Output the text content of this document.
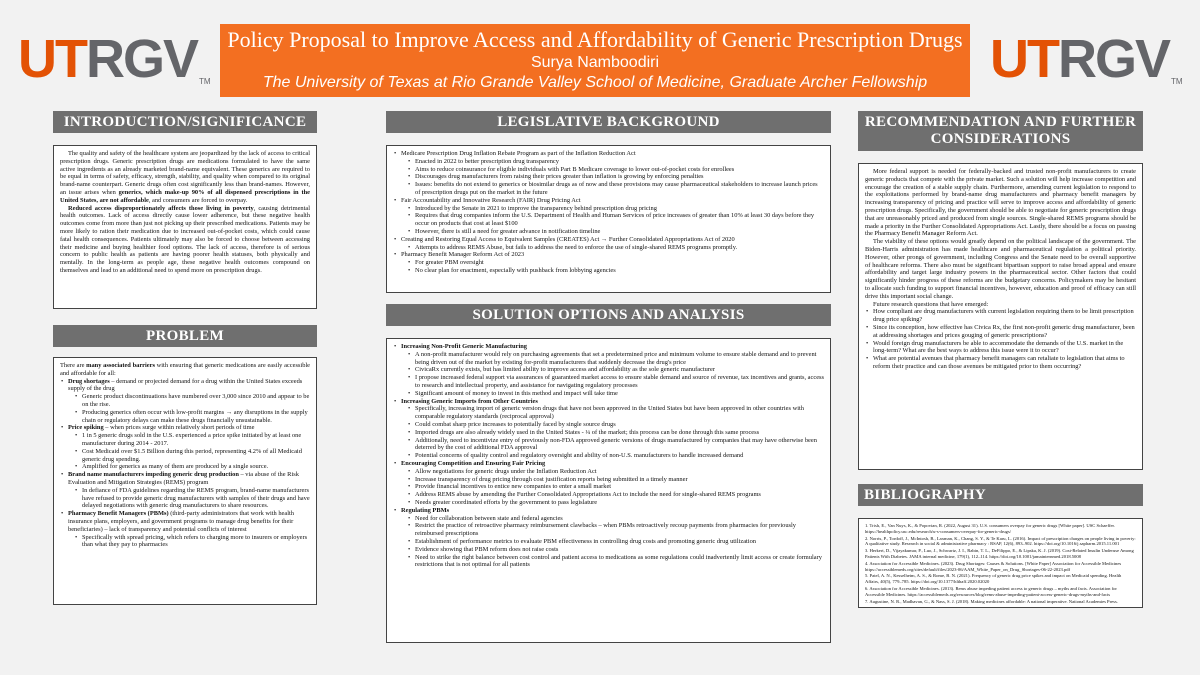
UTRGV TM	UTRGV TM
Policy Proposal to Improve Access and Affordability of Generic Prescription Drugs
Surya Namboodiri
The University of Texas at Rio Grande Valley School of Medicine, Graduate Archer Fellowship
INTRODUCTION/SIGNIFICANCE

The quality and safety of the healthcare system are jeopardized by the lack of access to critical prescription drugs. Generic prescription drugs are medications formulated to have the same active ingredients as an already marketed brand-name equivalent. These generics are required to be equal in terms of safety, efficacy, strength, stability, and quality when compared to its original brand-name counterpart. Generic drugs often cost significantly less than brand-names. However, an issue arises when generics, which make-up 90% of all dispensed prescriptions in the United States, are not affordable, and consumers are forced to overpay.

Reduced access disproportionately affects those living in poverty, causing detrimental health outcomes. Lack of access directly cause lower adherence, but these negative health outcomes come from more than just not picking up their prescribed medications. Patients may be more likely to ration their medication due to increased out-of-pocket costs, which could cause fatal health consequences. Patients ultimately may also be forced to choose between accessing their medicine and buying healthier food options. The lack of access, therefore is of serious concern to public health as patients are having poorer health statuses, both physically and mentally. In the long-term as people age, these negative health outcomes compound on themselves and lead to an additional need to spend more on prescription drugs.

PROBLEM

There are many associated barriers with ensuring that generic medications are easily accessible and affordable for all:

• Drug shortages – demand or projected demand for a drug within the United States exceeds supply of the drug
• Generic product discontinuations have numbered over 3,000 since 2010 and appear to be on the rise.
• Producing generics often occur with low-profit margins → any disruptions in the supply chain or regulatory delays can make these drugs financially unsustainable.
• Price spiking – when prices surge within relatively short periods of time
• 1 in 5 generic drugs sold in the U.S. experienced a price spike initiated by at least one manufacturer during 2014 - 2017.
• Cost Medicaid over $1.5 Billion during this period, representing 4.2% of all Medicaid generic drug spending.
• Amplified for generics as many of them are produced by a single source.
• Brand name manufacturers impeding generic drug production – via abuse of the Risk Evaluation and Mitigation Strategies (REMS) program
• In defiance of FDA guidelines regarding the REMS program, brand-name manufacturers have refused to provide generic drug manufacturers with samples of their drugs and have delayed negotiations with generic drug manufacturers to share resources.
• Pharmacy Benefit Managers (PBMs) (third-party administrators that work with health insurance plans, employers, and government programs to manage drug benefits for their beneficiaries) – lack of transparency and potential conflicts of interest
• Specifically with spread pricing, which refers to charging more to insurers or employers than what they pay to pharmacies
LEGISLATIVE BACKGROUND
• Medicare Prescription Drug Inflation Rebate Program as part of the Inflation Reduction Act
• Enacted in 2022 to better prescription drug transparency
• Aims to reduce coinsurance for eligible individuals with Part B Medicare coverage to lower out-of-pocket costs for enrollees
• Discourages drug manufacturers from raising their prices greater than inflation is growing by enforcing penalties
• Issues: benefits do not extend to generics or biosimilar drugs as of now and these provisions may cause pharmaceutical stakeholders to increase launch prices of prescription drugs put on the market in the future
• Fair Accountability and Innovative Research (FAIR) Drug Pricing Act
• Introduced by the Senate in 2021 to improve the transparency behind prescription drug pricing
• Requires that drug companies inform the U.S. Department of Health and Human Services of price increases of greater than 10% at least 30 days before they occur on products that cost at least $100
• However, there is still a need for greater advance in notification timeline
• Creating and Restoring Equal Access to Equivalent Samples (CREATES) Act → Further Consolidated Appropriations Act of 2020
• Attempts to address REMS Abuse, but fails to address the need to enforce the use of single-shared REMS programs promptly.
• Pharmacy Benefit Manager Reform Act of 2023
• For greater PBM oversight
• No clear plan for enactment, especially with pushback from lobbying agencies
SOLUTION OPTIONS AND ANALYSIS
• Increasing Non-Profit Generic Manufacturing
• A non-profit manufacturer would rely on purchasing agreements that set a predetermined price and minimum volume to ensure stable demand and to prevent being driven out of the market by existing for-profit manufacturers that suddenly decrease the drug's price
• CivicaRx currently exists, but has limited ability to improve access and affordability as the sole generic manufacturer
• I propose increased federal support via assurances of guaranteed market access to ensure stable demand and source of revenue, tax incentives and grants, access to research and intellectual property, and assistance for navigating regulatory processes
• Significant amount of money to invest in this method and impact will take time
• Increasing Generic Imports from Other Countries
• Specifically, increasing import of generic version drugs that have not been approved in the United States but have been approved in other countries with comparable regulatory standards (reciprocal approval)
• Could combat sharp price increases to potentially faced by single source drugs
• Imported drugs are also already widely used in the United States - ¼ of the market; this process can be done through this same process
• Additionally, need to incentivize entry of previously non-FDA approved generic versions of drugs manufactured by companies that may have otherwise been deterred by the cost of additional FDA approval
• Potential concerns of quality control and regulatory oversight and ability of non-U.S. manufacturers to handle increased demand
• Encouraging Competition and Ensuring Fair Pricing
• Allow negotiations for generic drugs under the Inflation Reduction Act
• Increase transparency of drug pricing through cost justification reports being submitted in a timely manner
• Provide financial incentives to entice new companies to enter a small market
• Address REMS abuse by amending the Further Consolidated Appropriations Act to include the need for single-shared REMS programs
• Needs greater coordinated efforts by the government to pass legislature
• Regulating PBMs
• Need for collaboration between state and federal agencies
• Restrict the practice of retroactive pharmacy reimbursement clawbacks – when PBMs retroactively recoup payments from pharmacies for previously reimbursed prescriptions
• Establishment of performance metrics to evaluate PBM effectiveness in controlling drug costs and promoting generic drug utilization
• Evidence showing that PBM reform does not raise costs
• Need to strike the right balance between cost control and patient access to medications as some regulations could inadvertently limit access or create formulary restrictions that is not optimal for all patients
RECOMMENDATION AND FURTHER CONSIDERATIONS

More federal support is needed for federally-backed and trusted non-profit manufacturers to create generic products that compete with the private market. Such a solution will help increase competition and encourage the creation of a stable supply chain. Furthermore, amending current legislation to respond to the exploitations performed by brand-name drug manufacturers and pharmacy benefit managers by increasing transparency of pricing and practice will serve to improve access and affordability of generic prescription drugs. Specifically, the government should be able to negotiate for generic prescription drugs that are unreasonably priced and produced from single sources. Single-shared REMS programs should be made a priority in the Further Consolidated Appropriations Act. Lastly, there should be a focus on passing the Pharmacy Benefit Manager Reform Act.

The viability of these options would greatly depend on the political landscape of the government. The Biden-Harris administration has made healthcare and pharmaceutical regulation a political priority. However, other prongs of government, including Congress and the Senate need to be overall supportive of healthcare reforms. There also must be significant bipartisan support to raise broad appeal and ensure affordability and target large industry powers in the pharmaceutical sector. Other factors that could significantly hinder progress of these reforms are the budgetary concerns. Policymakers may be hesitant to allocate such funding to support financial incentives, however, education and proof of efficacy can still drive this important social change.

Future research questions that have emerged:

• How compliant are drug manufacturers with current legislation requiring them to be limit prescription drug price spiking?
• Since its conception, how effective has Civica Rx, the first non-profit generic drug manufacturer, been at addressing shortages and prices gouging of generic prescriptions?
• Would foreign drug manufacturers be able to accommodate the demands of the U.S. market in the long-term? What are the best ways to address this issue were it to occur?
• What are potential avenues that pharmacy benefit managers can retaliate to legislation that aims to reform their practice and can those avenues be mitigated prior to them occurring?
BIBLIOGRAPHY
1. Trish, E., Van Nuys, K., & Popovian, R. (2022, August 31). U.S. consumers overpay for generic drugs [White paper]. USC Schaeffer. https://healthpolicy.usc.edu/research/u-s-consumers-overpay-for-generic-drugs/
2. Norris, P., Tordoff, J., McIntosh, B., Laxman, K., Chang, S. Y., & Te Karu, L. (2016). Impact of prescription charges on people living in poverty: A qualitative study. Research in social & administrative pharmacy : RSAP, 12(6), 893–902. https://doi.org/10.1016/j.sapharm.2015.11.001
3. Herkert, D., Vijayakumar, P., Luo, J., Schwartz, J. I., Rabin, T. L., DeFilippo, E., & Lipska, K. J. (2019). Cost-Related Insulin Underuse Among Patients With Diabetes. JAMA internal medicine, 179(1), 112–114. https://doi.org/10.1001/jamainternmed.2018.5008
4. Association for Accessible Medicines. (2023). Drug Shortages: Causes & Solutions. [White Paper] Association for Accessible Medicines https://accessiblemeds.org/sites/default/files/2023-06/AAM_White_Paper_on_Drug_Shortages-06-22-2023.pdf
5. Patel, A. N., Kesselheim, A. S., & Rome, B. N. (2021). Frequency of generic drug price spikes and impact on Medicaid spending. Health Affairs, 40(5), 779–785. https://doi.org/10.1377/hlthaff.2020.02020
6. Association for Accessible Medicines. (2013). Rems abuse impeding patient access to generic drugs – myths and facts. Association for Accessible Medicines. https://accessiblemeds.org/resources/blog/rems-abuse-impeding-patient-access-generic-drugs-myths-and-facts
7. Augustine, N. R., Madhavan, G., & Nass, S. J. (2018). Making medicines affordable: A national imperative. National Academies Press.
